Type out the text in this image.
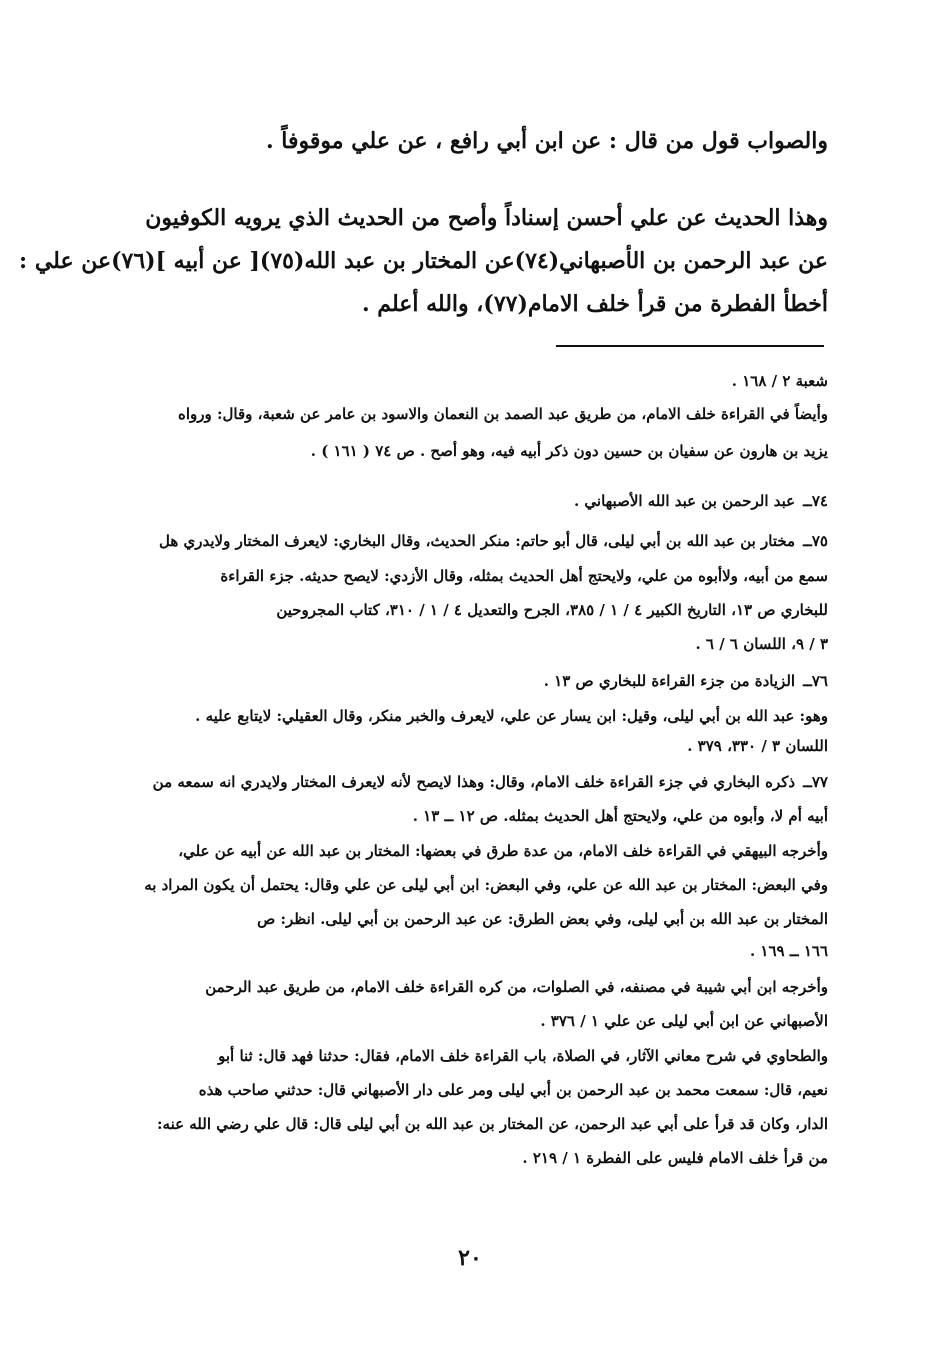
والصواب قول من قال : عن ابن أبي رافع ، عن علي موقوفاً .
وهذا الحديث عن علي أحسن إسناداً وأصح من الحديث الذي يرويه الكوفيون
عن عبد الرحمن بن الأصبهاني(٧٤)عن المختار بن عبد الله(٧٥)[ عن أبيه ](٧٦)عن علي :
أخطأ الفطرة من قرأ خلف الامام(٧٧)، والله أعلم .
شعبة ٢ / ١٦٨ .
وأيضاً في القراءة خلف الامام، من طريق عبد الصمد بن النعمان والاسود بن عامر عن شعبة، وقال: ورواه
يزيد بن هارون عن سفيان بن حسين دون ذكر أبيه فيه، وهو أصح . ص ٧٤ ( ١٦١ ) .
٧٤ــعبد الرحمن بن عبد الله الأصبهاني .
٧٥ــمختار بن عبد الله بن أبي ليلى، قال أبو حاتم: منكر الحديث، وقال البخاري: لايعرف المختار ولايدري هل
سمع من أبيه، ولاأبوه من علي، ولايحتج أهل الحديث بمثله، وقال الأزدي: لايصح حديثه. جزء القراءة
للبخاري ص ١٣، التاريخ الكبير ٤ / ١ / ٣٨٥، الجرح والتعديل ٤ / ١ / ٣١٠، كتاب المجروحين
٣ / ٩، اللسان ٦ / ٦ .
٧٦ــالزيادة من جزء القراءة للبخاري ص ١٣ .
وهو: عبد الله بن أبي ليلى، وقيل: ابن يسار عن علي، لايعرف والخبر منكر، وقال العقيلي: لايتابع عليه .
اللسان ٣ / ٣٣٠، ٣٧٩ .
٧٧ــذكره البخاري في جزء القراءة خلف الامام، وقال: وهذا لايصح لأنه لايعرف المختار ولايدري انه سمعه من
أبيه أم لا، وأبوه من علي، ولايحتج أهل الحديث بمثله. ص ١٢ ــ ١٣ .
وأخرجه البيهقي في القراءة خلف الامام، من عدة طرق في بعضها: المختار بن عبد الله عن أبيه عن علي،
وفي البعض: المختار بن عبد الله عن علي، وفي البعض: ابن أبي ليلى عن علي وقال: يحتمل أن يكون المراد به
المختار بن عبد الله بن أبي ليلى، وفي بعض الطرق: عن عبد الرحمن بن أبي ليلى. انظر: ص
١٦٦ ــ ١٦٩ .
وأخرجه ابن أبي شيبة في مصنفه، في الصلوات، من كره القراءة خلف الامام، من طريق عبد الرحمن
الأصبهاني عن ابن أبي ليلى عن علي ١ / ٣٧٦ .
والطحاوي في شرح معاني الآثار، في الصلاة، باب القراءة خلف الامام، فقال: حدثنا فهد قال: ثنا أبو
نعيم، قال: سمعت محمد بن عبد الرحمن بن أبي ليلى ومر على دار الأصبهاني قال: حدثني صاحب هذه
الدار، وكان قد قرأ على أبي عبد الرحمن، عن المختار بن عبد الله بن أبي ليلى قال: قال علي رضي الله عنه:
من قرأ خلف الامام فليس على الفطرة ١ / ٢١٩ .
٢٠
